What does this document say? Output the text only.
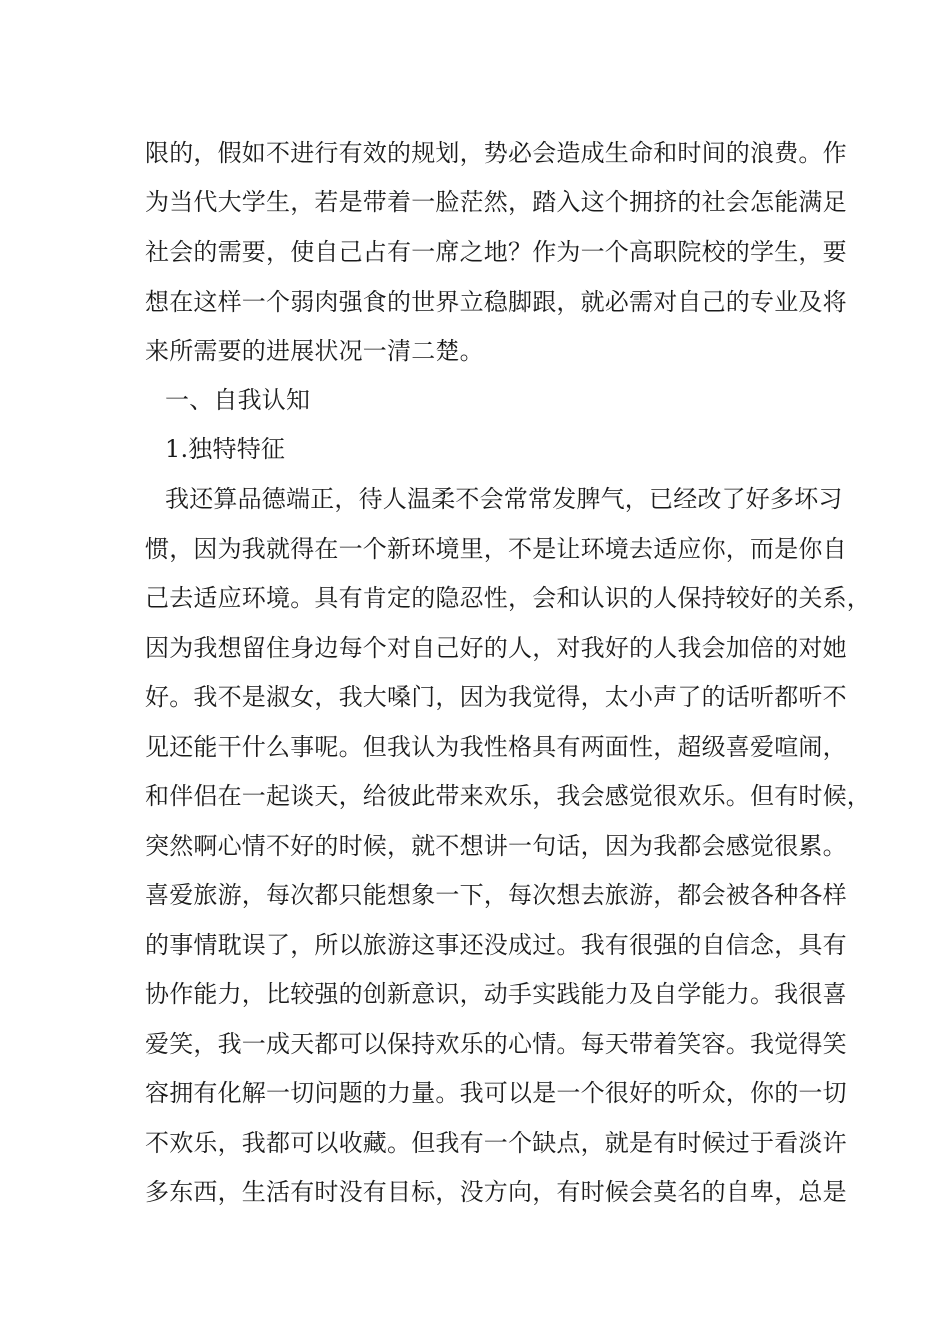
限的，假如不进行有效的规划，势必会造成生命和时间的浪费。作
为当代大学生，若是带着一脸茫然，踏入这个拥挤的社会怎能满足
社会的需要，使自己占有一席之地？作为一个高职院校的学生，要
想在这样一个弱肉强食的世界立稳脚跟，就必需对自己的专业及将
来所需要的进展状况一清二楚。
一、自我认知
1.独特特征
我还算品德端正，待人温柔不会常常发脾气，已经改了好多坏习
惯，因为我就得在一个新环境里，不是让环境去适应你，而是你自
己去适应环境。具有肯定的隐忍性，会和认识的人保持较好的关系，
因为我想留住身边每个对自己好的人，对我好的人我会加倍的对她
好。我不是淑女，我大嗓门，因为我觉得，太小声了的话听都听不
见还能干什么事呢。但我认为我性格具有两面性，超级喜爱喧闹，
和伴侣在一起谈天，给彼此带来欢乐，我会感觉很欢乐。但有时候，
突然啊心情不好的时候，就不想讲一句话，因为我都会感觉很累。
喜爱旅游，每次都只能想象一下，每次想去旅游，都会被各种各样
的事情耽误了，所以旅游这事还没成过。我有很强的自信念，具有
协作能力，比较强的创新意识，动手实践能力及自学能力。我很喜
爱笑，我一成天都可以保持欢乐的心情。每天带着笑容。我觉得笑
容拥有化解一切问题的力量。我可以是一个很好的听众，你的一切
不欢乐，我都可以收藏。但我有一个缺点，就是有时候过于看淡许
多东西，生活有时没有目标，没方向，有时候会莫名的自卑，总是
